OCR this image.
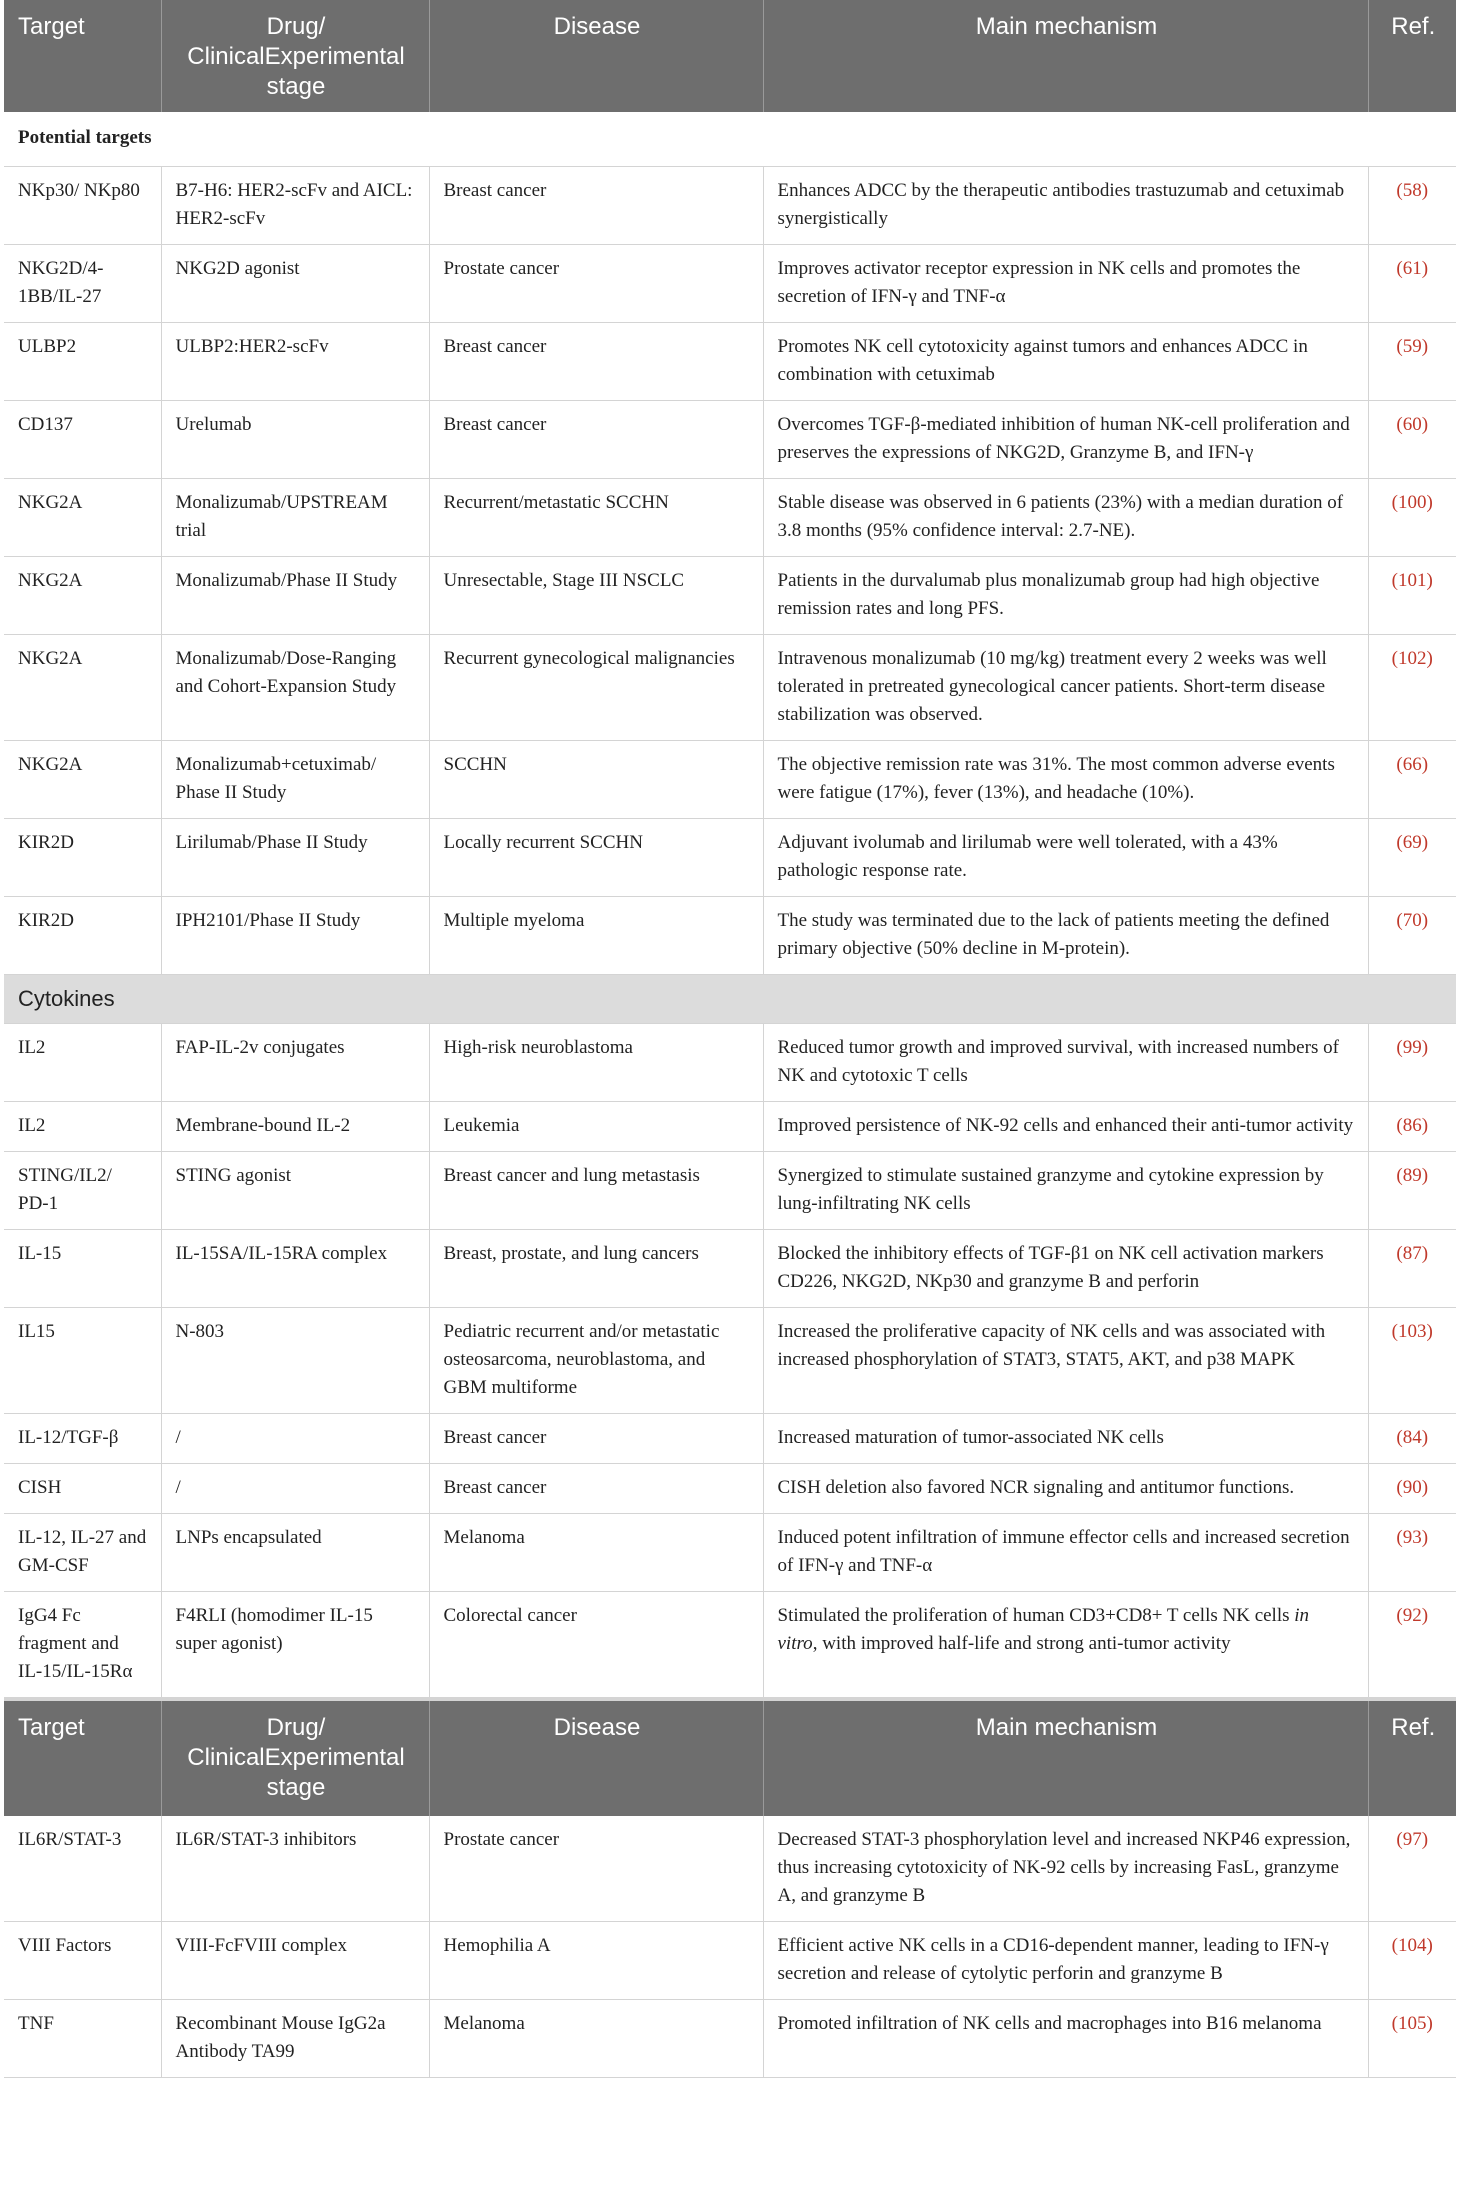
Target	Drug/ ClinicalExperimental stage	Disease	Main mechanism	Ref.
Potential targets				
NKp30/ NKp80	B7-H6: HER2-scFv and AICL: HER2-scFv	Breast cancer	Enhances ADCC by the therapeutic antibodies trastuzumab and cetuximab synergistically	(58)
NKG2D/4-1BB/IL-27	NKG2D agonist	Prostate cancer	Improves activator receptor expression in NK cells and promotes the secretion of IFN-γ and TNF-α	(61)
ULBP2	ULBP2:HER2-scFv	Breast cancer	Promotes NK cell cytotoxicity against tumors and enhances ADCC in combination with cetuximab	(59)
CD137	Urelumab	Breast cancer	Overcomes TGF-β-mediated inhibition of human NK-cell proliferation and preserves the expressions of NKG2D, Granzyme B, and IFN-γ	(60)
NKG2A	Monalizumab/UPSTREAM trial	Recurrent/metastatic SCCHN	Stable disease was observed in 6 patients (23%) with a median duration of 3.8 months (95% confidence interval: 2.7-NE).	(100)
NKG2A	Monalizumab/Phase II Study	Unresectable, Stage III NSCLC	Patients in the durvalumab plus monalizumab group had high objective remission rates and long PFS.	(101)
NKG2A	Monalizumab/Dose-Ranging and Cohort-Expansion Study	Recurrent gynecological malignancies	Intravenous monalizumab (10 mg/kg) treatment every 2 weeks was well tolerated in pretreated gynecological cancer patients. Short-term disease stabilization was observed.	(102)
NKG2A	Monalizumab+cetuximab/ Phase II Study	SCCHN	The objective remission rate was 31%. The most common adverse events were fatigue (17%), fever (13%), and headache (10%).	(66)
KIR2D	Lirilumab/Phase II Study	Locally recurrent SCCHN	Adjuvant ivolumab and lirilumab were well tolerated, with a 43% pathologic response rate.	(69)
KIR2D	IPH2101/Phase II Study	Multiple myeloma	The study was terminated due to the lack of patients meeting the defined primary objective (50% decline in M-protein).	(70)
Cytokines				
IL2	FAP-IL-2v conjugates	High-risk neuroblastoma	Reduced tumor growth and improved survival, with increased numbers of NK and cytotoxic T cells	(99)
IL2	Membrane-bound IL-2	Leukemia	Improved persistence of NK-92 cells and enhanced their anti-tumor activity	(86)
STING/IL2/ PD-1	STING agonist	Breast cancer and lung metastasis	Synergized to stimulate sustained granzyme and cytokine expression by lung-infiltrating NK cells	(89)
IL-15	IL-15SA/IL-15RA complex	Breast, prostate, and lung cancers	Blocked the inhibitory effects of TGF-β1 on NK cell activation markers CD226, NKG2D, NKp30 and granzyme B and perforin	(87)
IL15	N-803	Pediatric recurrent and/or metastatic osteosarcoma, neuroblastoma, and GBM multiforme	Increased the proliferative capacity of NK cells and was associated with increased phosphorylation of STAT3, STAT5, AKT, and p38 MAPK	(103)
IL-12/TGF-β	/	Breast cancer	Increased maturation of tumor-associated NK cells	(84)
CISH	/	Breast cancer	CISH deletion also favored NCR signaling and antitumor functions.	(90)
IL-12, IL-27 and GM-CSF	LNPs encapsulated	Melanoma	Induced potent infiltration of immune effector cells and increased secretion of IFN-γ and TNF-α	(93)
IgG4 Fc fragment and IL-15/IL-15Rα	F4RLI (homodimer IL-15 super agonist)	Colorectal cancer	Stimulated the proliferation of human CD3+CD8+ T cells NK cells in vitro, with improved half-life and strong anti-tumor activity	(92)
Target	Drug/ ClinicalExperimental stage	Disease	Main mechanism	Ref.
IL6R/STAT-3	IL6R/STAT-3 inhibitors	Prostate cancer	Decreased STAT-3 phosphorylation level and increased NKP46 expression, thus increasing cytotoxicity of NK-92 cells by increasing FasL, granzyme A, and granzyme B	(97)
VIII Factors	VIII-FcFVIII complex	Hemophilia A	Efficient active NK cells in a CD16-dependent manner, leading to IFN-γ secretion and release of cytolytic perforin and granzyme B	(104)
TNF	Recombinant Mouse IgG2a Antibody TA99	Melanoma	Promoted infiltration of NK cells and macrophages into B16 melanoma	(105)
